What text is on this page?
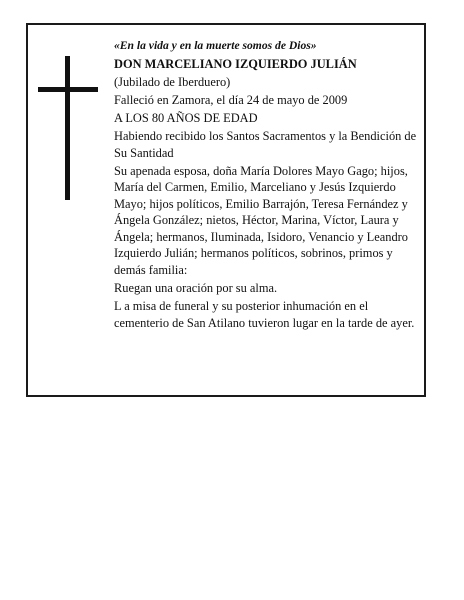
«En la vida y en la muerte somos de Dios»

DON MARCELIANO IZQUIERDO JULIÁN

(Jubilado de Iberduero)

Falleció en Zamora, el día 24 de mayo de 2009

A LOS 80 AÑOS DE EDAD

Habiendo recibido los Santos Sacramentos y la Bendición de Su Santidad

Su apenada esposa, doña María Dolores Mayo Gago; hijos, María del Carmen, Emilio, Marceliano y Jesús Izquierdo Mayo; hijos políticos, Emilio Barrajón, Teresa Fernández y Ángela González; nietos, Héctor, Marina, Víctor, Laura y Ángela; hermanos, Iluminada, Isidoro, Venancio y Leandro Izquierdo Julián; hermanos políticos, sobrinos, primos y demás familia:

Ruegan una oración por su alma.

L a misa de funeral y su posterior inhumación en el cementerio de San Atilano tuvieron lugar en la tarde de ayer.
